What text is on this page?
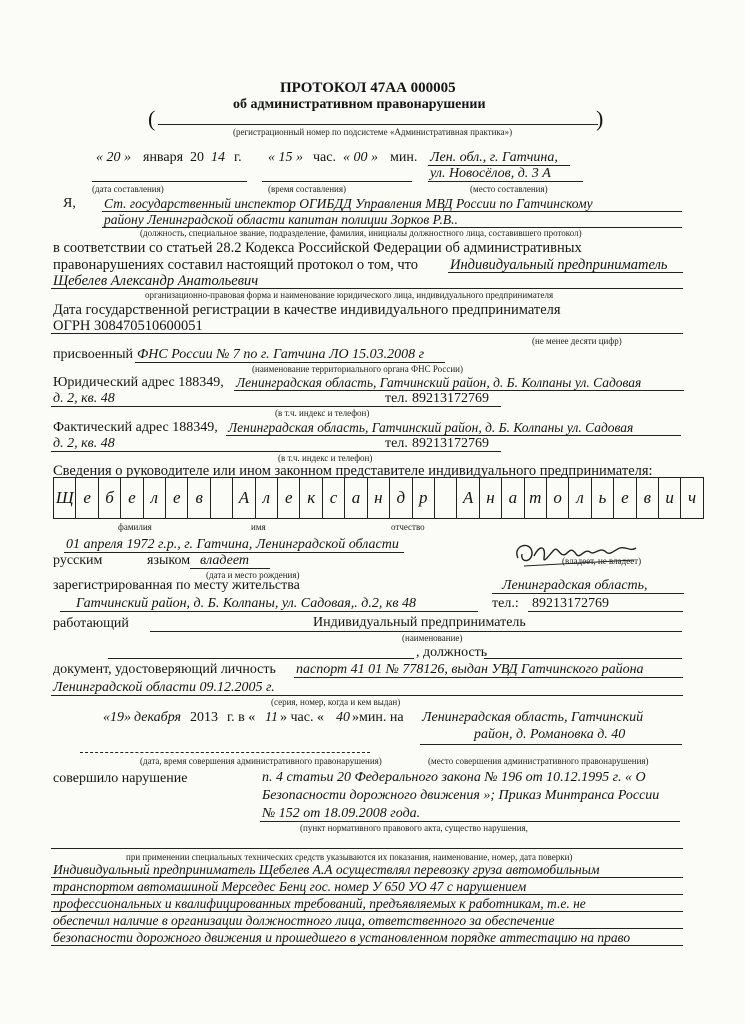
ПРОТОКОЛ 47АА 000005
об административном правонарушении
(	)
(регистрационный номер по подсистеме «Административная практика»)
« 20 » января 20 14 г. « 15 » час. « 00 » мин. Лен. обл., г. Гатчина,
ул. Новосёлов, д. 3 А
(дата составления)	(время составления)	(место составления)
Я, Ст. государственный инспектор ОГИБДД Управления МВД России по Гатчинскому
району Ленинградской области капитан полиции Зорков Р.В..
(должность, специальное звание, подразделение, фамилия, инициалы должностного лица, составившего протокол)
в соответствии со статьей 28.2 Кодекса Российской Федерации об административных
правонарушениях составил настоящий протокол о том, что Индивидуальный предприниматель
Щебелев Александр Анатольевич
организационно-правовая форма и наименование юридического лица, индивидуального предпринимателя
Дата государственной регистрации в качестве индивидуального предпринимателя
ОГРН 308470510600051
(не менее десяти цифр)
присвоенный ФНС России № 7 по г. Гатчина ЛО 15.03.2008 г
(наименование территориального органа ФНС России)
Юридический адрес 188349, Ленинградская область, Гатчинский район, д. Б. Колпаны ул. Садовая
д. 2, кв. 48	тел. 89213172769
(в т.ч. индекс и телефон)
Фактический адрес 188349, Ленинградская область, Гатчинский район, д. Б. Колпаны ул. Садовая
д. 2, кв. 48	тел. 89213172769
(в т.ч. индекс и телефон)
Сведения о руководителе или ином законном представителе индивидуального предпринимателя:
Щ е б е л е в	А л е к с а н д р	А н а т о л ь е в и ч
фамилия	имя	отчество
01 апреля 1972 г.р., г. Гатчина, Ленинградской области
русским	языком владеет
(дата и место рождения)
(владеет, не владеет)
зарегистрированная по месту жительства	Ленинградская область,
Гатчинский район, д. Б. Колпаны, ул. Садовая,. д.2, кв 48	тел.: 89213172769
работающий	Индивидуальный предприниматель
(наименование)
, должность
документ, удостоверяющий личность паспорт 41 01 № 778126, выдан УВД Гатчинского района
Ленинградской области 09.12.2005 г.
(серия, номер, когда и кем выдан)
«19» декабря 2013 г. в « 11 » час. « 40 »мин. на Ленинградская область, Гатчинский
район, д. Романовка д. 40
(дата, время совершения административного правонарушения)	(место совершения административного правонарушения)
совершило нарушение	п. 4 статьи 20 Федерального закона № 196 от 10.12.1995 г. « О
Безопасности дорожного движения »; Приказ Минтранса России
№ 152 от 18.09.2008 года.
(пункт нормативного правового акта, существо нарушения,
при применении специальных технических средств указываются их показания, наименование, номер, дата поверки)
Индивидуальный предприниматель Щебелев А.А осуществлял перевозку груза автомобильным
транспортом автомашиной Мерседес Бенц гос. номер У 650 УО 47 с нарушением
профессиональных и квалифицированных требований, предъявляемых к работникам, т.е. не
обеспечил наличие в организации должностного лица, ответственного за обеспечение
безопасности дорожного движения и прошедшего в установленном порядке аттестацию на право
